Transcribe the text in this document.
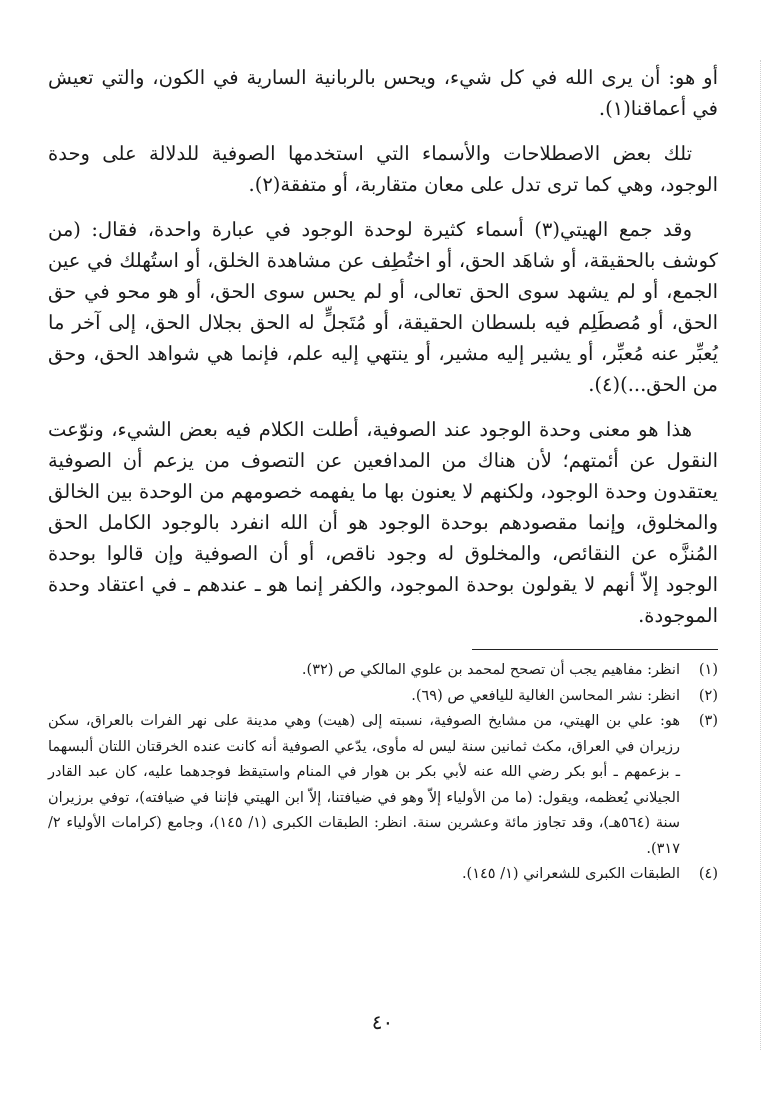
أو هو: أن يرى الله في كل شيء، ويحس بالربانية السارية في الكون، والتي تعيش في أعماقنا(١).

تلك بعض الاصطلاحات والأسماء التي استخدمها الصوفية للدلالة على وحدة الوجود، وهي كما ترى تدل على معان متقاربة، أو متفقة(٢).

وقد جمع الهيتي(٣) أسماء كثيرة لوحدة الوجود في عبارة واحدة، فقال: (من كوشف بالحقيقة، أو شاهَد الحق، أو اختُطِف عن مشاهدة الخلق، أو استُهلك في عين الجمع، أو لم يشهد سوى الحق تعالى، أو لم يحس سوى الحق، أو هو محو في حق الحق، أو مُصطَلِم فيه بلسطان الحقيقة، أو مُتَجلٍّ له الحق بجلال الحق، إلى آخر ما يُعبِّر عنه مُعبِّر، أو يشير إليه مشير، أو ينتهي إليه علم، فإنما هي شواهد الحق، وحق من الحق...)(٤).

هذا هو معنى وحدة الوجود عند الصوفية، أطلت الكلام فيه بعض الشيء، ونوّعت النقول عن أئمتهم؛ لأن هناك من المدافعين عن التصوف من يزعم أن الصوفية يعتقدون وحدة الوجود، ولكنهم لا يعنون بها ما يفهمه خصومهم من الوحدة بين الخالق والمخلوق، وإنما مقصودهم بوحدة الوجود هو أن الله انفرد بالوجود الكامل الحق المُنزَّه عن النقائص، والمخلوق له وجود ناقص، أو أن الصوفية وإن قالوا بوحدة الوجود إلاّ أنهم لا يقولون بوحدة الموجود، والكفر إنما هو ـ عندهم ـ في اعتقاد وحدة الموجودة.

(١)
انظر: مفاهيم يجب أن تصحح لمحمد بن علوي المالكي ص (٣٢).
(٢)
انظر: نشر المحاسن الغالية لليافعي ص (٦٩).
(٣)
هو: علي بن الهيتي، من مشايخ الصوفية، نسبته إلى (هيت) وهي مدينة على نهر الفرات بالعراق، سكن رزيران في العراق، مكث ثمانين سنة ليس له مأوى، يدّعي الصوفية أنه كانت عنده الخرقتان اللتان ألبسهما ـ بزعمهم ـ أبو بكر رضي الله عنه لأبي بكر بن هوار في المنام واستيقظ فوجدهما عليه، كان عبد القادر الجيلاني يُعظمه، ويقول: (ما من الأولياء إلاّ وهو في ضيافتنا، إلاّ ابن الهيتي فإننا في ضيافته)، توفي برزيران سنة (٥٦٤هـ)، وقد تجاوز مائة وعشرين سنة. انظر: الطبقات الكبرى (١/ ١٤٥)، وجامع (كرامات الأولياء ٢/ ٣١٧).
(٤)
الطبقات الكبرى للشعراني (١/ ١٤٥).
٤٠
